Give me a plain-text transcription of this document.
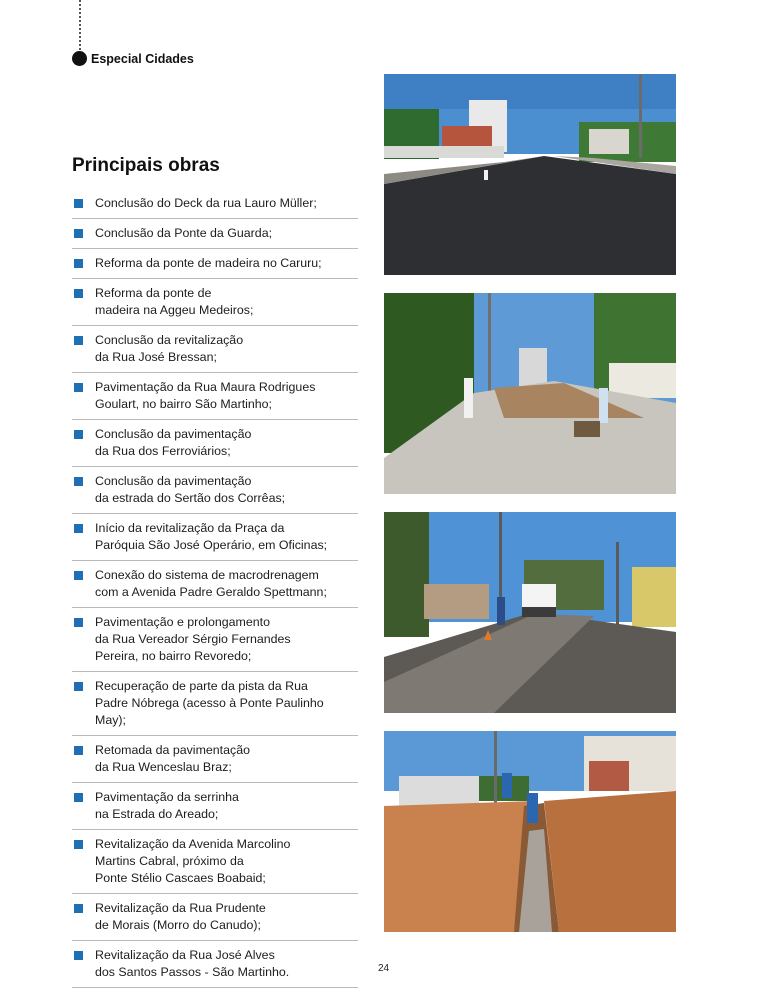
Especial Cidades
Principais obras
Conclusão do Deck da rua Lauro Müller;
Conclusão da Ponte da Guarda;
Reforma da ponte de madeira no Caruru;
Reforma da ponte de
madeira na Aggeu Medeiros;
Conclusão da revitalização
da Rua José Bressan;
Pavimentação da Rua Maura Rodrigues
Goulart, no bairro São Martinho;
Conclusão da pavimentação
da Rua dos Ferroviários;
Conclusão da pavimentação
da estrada do Sertão dos Corrêas;
Início da revitalização da Praça da
Paróquia São José Operário, em Oficinas;
Conexão do sistema de macrodrenagem
com a Avenida Padre Geraldo Spettmann;
Pavimentação e prolongamento
da Rua Vereador Sérgio Fernandes
Pereira, no bairro Revoredo;
Recuperação de parte da pista da Rua
Padre Nóbrega (acesso à Ponte Paulinho May);
Retomada da pavimentação
da Rua Wenceslau Braz;
Pavimentação da serrinha
na Estrada do Areado;
Revitalização da Avenida Marcolino
Martins Cabral, próximo da
Ponte Stélio Cascaes Boabaid;
Revitalização da Rua Prudente
de Morais (Morro do Canudo);
Revitalização da Rua José Alves
dos Santos Passos - São Martinho.	24
